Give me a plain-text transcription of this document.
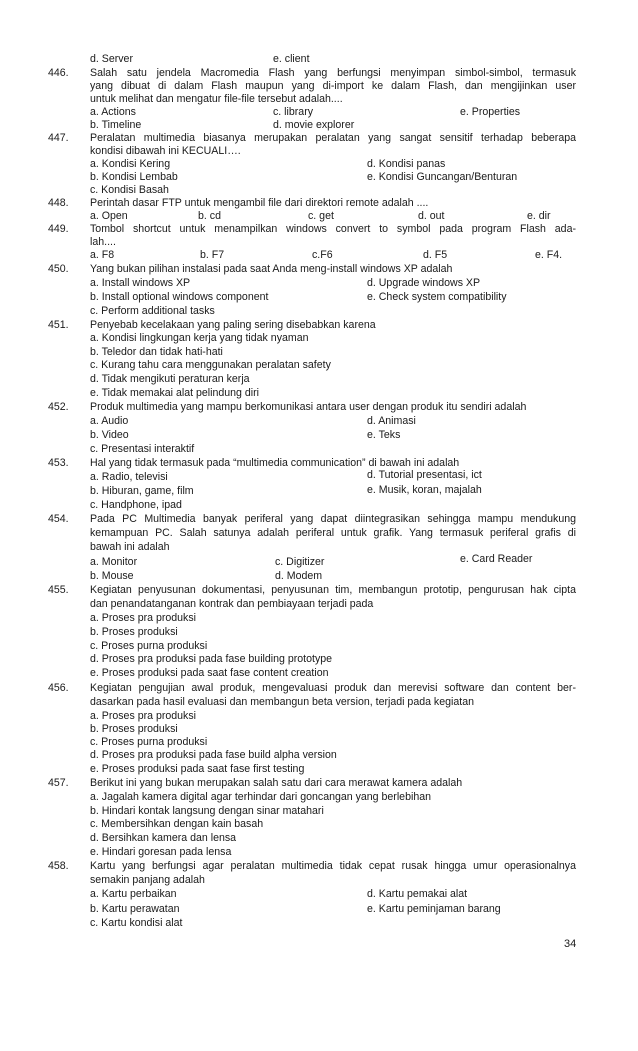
d. Server	e. client
446. Salah satu jendela Macromedia Flash yang berfungsi menyimpan simbol-simbol, termasuk
yang dibuat di dalam Flash maupun yang di-import ke dalam Flash, dan mengijinkan user
untuk melihat dan mengatur file-file tersebut adalah....
a. Actions	c. library	e. Properties
b. Timeline	d. movie explorer
447. Peralatan multimedia biasanya merupakan peralatan yang sangat sensitif terhadap beberapa
kondisi dibawah ini KECUALI….
a. Kondisi Kering	d. Kondisi panas
b. Kondisi Lembab	e. Kondisi Guncangan/Benturan
c. Kondisi Basah
448. Perintah dasar FTP untuk mengambil file dari direktori remote adalah ....
a. Open	b. cd	c. get	d. out	e. dir
449. Tombol shortcut untuk menampilkan windows convert to symbol pada program Flash ada-
lah....
a. F8	b. F7	c.F6	d. F5	e. F4.
450. Yang bukan pilihan instalasi pada saat Anda meng-install windows XP adalah
a. Install windows XP	d. Upgrade windows XP
b. Install optional windows component	e. Check system compatibility
c. Perform additional tasks
451. Penyebab kecelakaan yang paling sering disebabkan karena
a. Kondisi lingkungan kerja yang tidak nyaman
b. Teledor dan tidak hati-hati
c. Kurang tahu cara menggunakan peralatan safety
d. Tidak mengikuti peraturan kerja
e. Tidak memakai alat pelindung diri
452. Produk multimedia yang mampu berkomunikasi antara user dengan produk itu sendiri adalah
a. Audio	d. Animasi
b. Video	e. Teks
c. Presentasi interaktif
453. Hal yang tidak termasuk pada “multimedia communication” di bawah ini adalah
a. Radio, televisi	d. Tutorial presentasi, ict
b. Hiburan, game, film	e. Musik, koran, majalah
c. Handphone, ipad
454. Pada PC Multimedia banyak periferal yang dapat diintegrasikan sehingga mampu mendukung
kemampuan PC. Salah satunya adalah periferal untuk grafik. Yang termasuk periferal grafis di
bawah ini adalah
a. Monitor	c. Digitizer	e. Card Reader
b. Mouse	d. Modem
455. Kegiatan penyusunan dokumentasi, penyusunan tim, membangun prototip, pengurusan hak cipta
dan penandatanganan kontrak dan pembiayaan terjadi pada
a. Proses pra produksi
b. Proses produksi
c. Proses purna produksi
d. Proses pra produksi pada fase building prototype
e. Proses produksi pada saat fase content creation
456. Kegiatan pengujian awal produk, mengevaluasi produk dan merevisi software dan content ber-
dasarkan pada hasil evaluasi dan membangun beta version, terjadi pada kegiatan
a. Proses pra produksi
b. Proses produksi
c. Proses purna produksi
d. Proses pra produksi pada fase build alpha version
e. Proses produksi pada saat fase first testing
457. Berikut ini yang bukan merupakan salah satu dari cara merawat kamera adalah
a. Jagalah kamera digital agar terhindar dari goncangan yang berlebihan
b. Hindari kontak langsung dengan sinar matahari
c. Membersihkan dengan kain basah
d. Bersihkan kamera dan lensa
e. Hindari goresan pada lensa
458. Kartu yang berfungsi agar peralatan multimedia tidak cepat rusak hingga umur operasionalnya
semakin panjang adalah
a. Kartu perbaikan	d. Kartu pemakai alat
b. Kartu perawatan	e. Kartu peminjaman barang
c. Kartu kondisi alat
34
